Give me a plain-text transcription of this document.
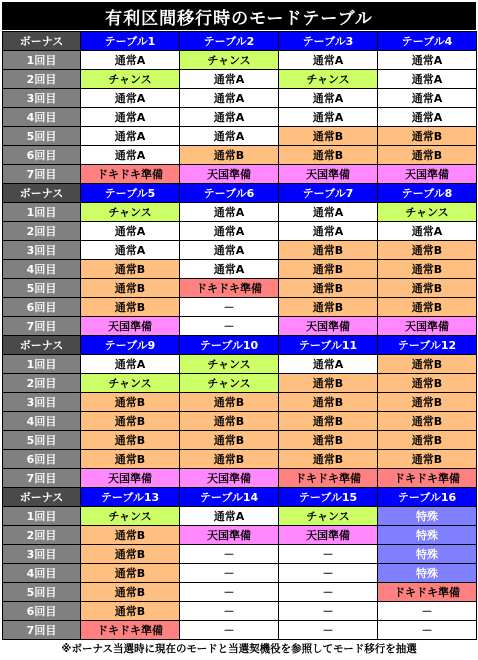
有利区間移行時のモードテーブル
ボーナス	テーブル1	テーブル2	テーブル3	テーブル4
1回目	通常A	チャンス	通常A	通常A
2回目	チャンス	通常A	チャンス	通常A
3回目	通常A	通常A	通常A	通常A
4回目	通常A	通常A	通常A	通常A
5回目	通常A	通常A	通常B	通常B
6回目	通常A	通常B	通常B	通常B
7回目	ドキドキ準備	天国準備	天国準備	天国準備
ボーナス	テーブル5	テーブル6	テーブル7	テーブル8
1回目	チャンス	通常A	通常A	チャンス
2回目	通常A	通常A	通常A	通常A
3回目	通常A	通常A	通常B	通常B
4回目	通常B	通常A	通常B	通常B
5回目	通常B	ドキドキ準備	通常B	通常B
6回目	通常B	－	通常B	通常B
7回目	天国準備	－	天国準備	天国準備
ボーナス	テーブル9	テーブル10	テーブル11	テーブル12
1回目	通常A	チャンス	通常A	通常B
2回目	チャンス	チャンス	通常B	通常B
3回目	通常B	通常B	通常B	通常B
4回目	通常B	通常B	通常B	通常B
5回目	通常B	通常B	通常B	通常B
6回目	通常B	通常B	通常B	通常B
7回目	天国準備	天国準備	ドキドキ準備	ドキドキ準備
ボーナス	テーブル13	テーブル14	テーブル15	テーブル16
1回目	チャンス	通常A	チャンス	特殊
2回目	通常B	天国準備	天国準備	特殊
3回目	通常B	－	－	特殊
4回目	通常B	－	－	特殊
5回目	通常B	－	－	ドキドキ準備
6回目	通常B	－	－	－
7回目	ドキドキ準備	－	－	－
※ボーナス当選時に現在のモードと当選契機役を参照してモード移行を抽選
